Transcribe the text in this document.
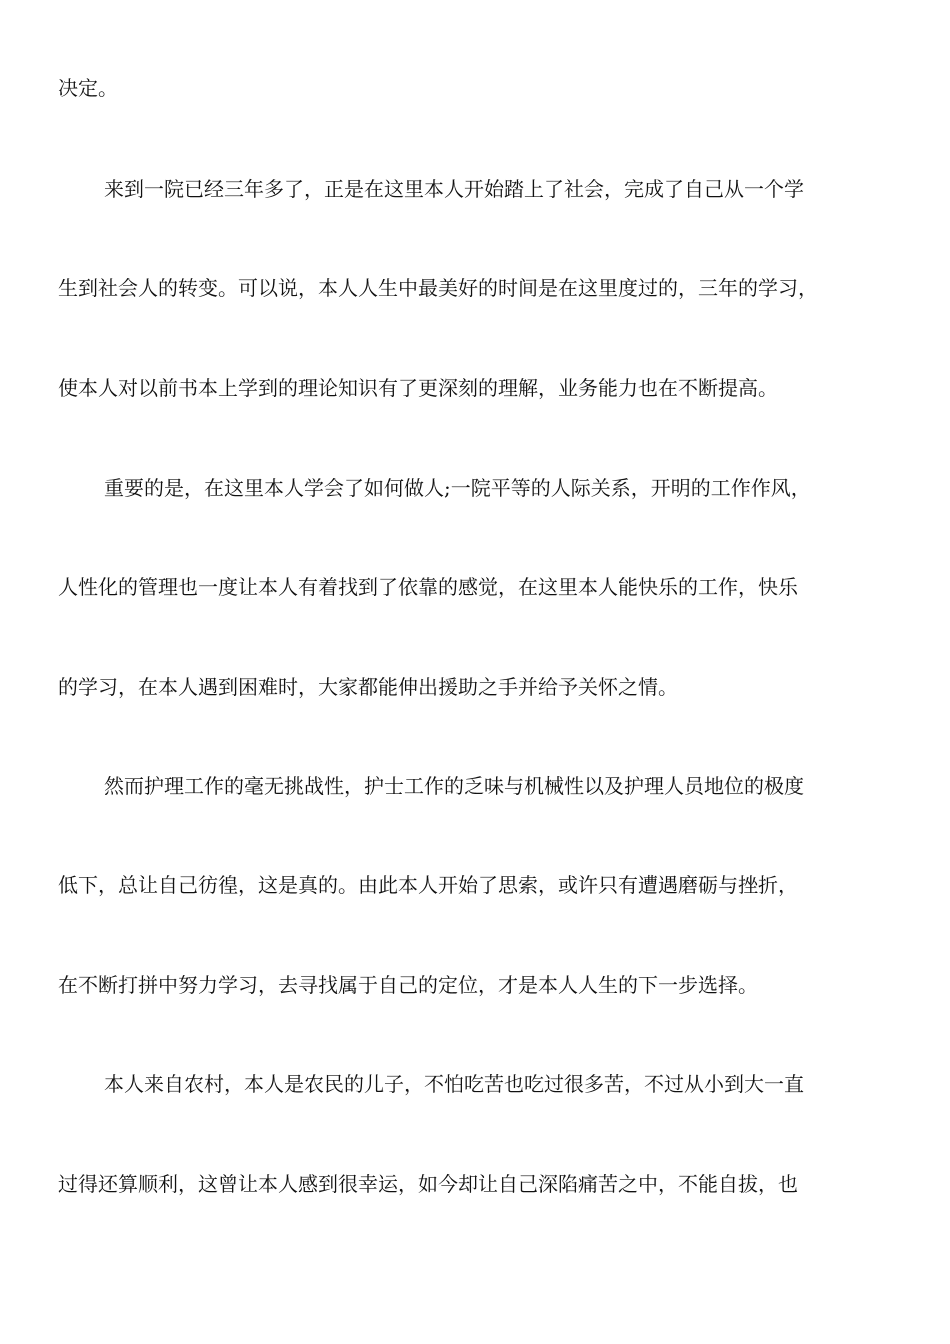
决定。
来到一院已经三年多了，正是在这里本人开始踏上了社会，完成了自己从一个学
生到社会人的转变。可以说，本人人生中最美好的时间是在这里度过的，三年的学习，
使本人对以前书本上学到的理论知识有了更深刻的理解，业务能力也在不断提高。
重要的是，在这里本人学会了如何做人;一院平等的人际关系，开明的工作作风，
人性化的管理也一度让本人有着找到了依靠的感觉，在这里本人能快乐的工作，快乐
的学习，在本人遇到困难时，大家都能伸出援助之手并给予关怀之情。
然而护理工作的毫无挑战性，护士工作的乏味与机械性以及护理人员地位的极度
低下，总让自己彷徨，这是真的。由此本人开始了思索，或许只有遭遇磨砺与挫折，
在不断打拼中努力学习，去寻找属于自己的定位，才是本人人生的下一步选择。
本人来自农村，本人是农民的儿子，不怕吃苦也吃过很多苦，不过从小到大一直
过得还算顺利，这曾让本人感到很幸运，如今却让自己深陷痛苦之中，不能自拔，也
